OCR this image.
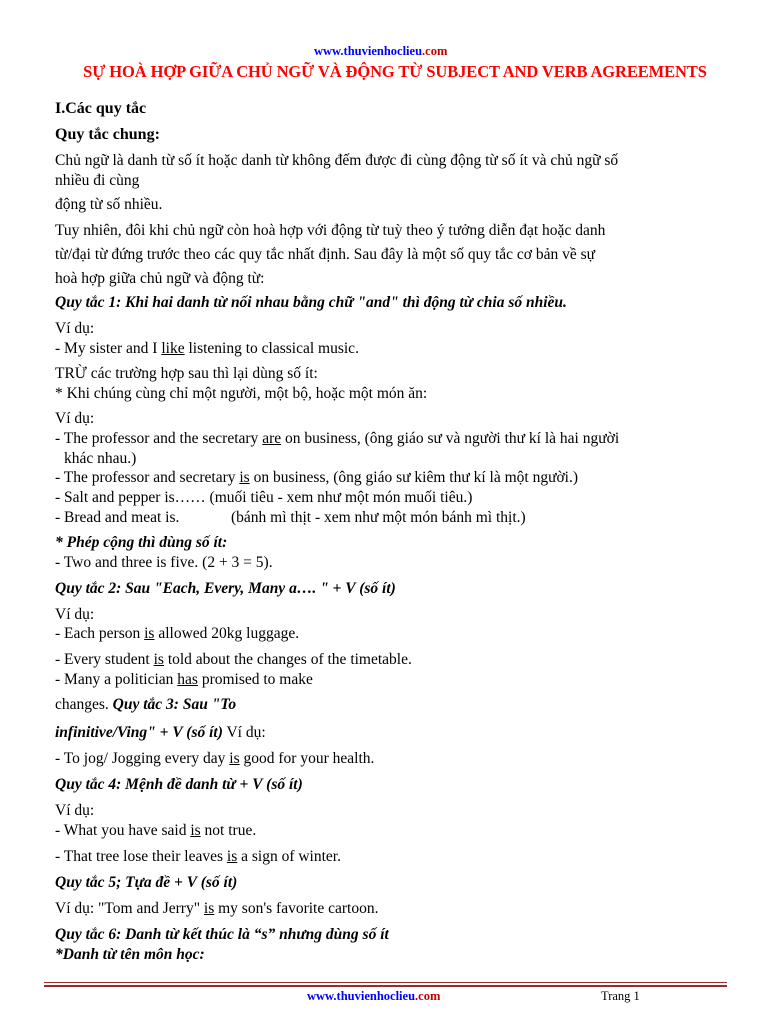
www.thuvienhoclieu.com
SỰ HOÀ HỢP GIỮA CHỦ NGỮ VÀ ĐỘNG TỪ SUBJECT AND VERB AGREEMENTS
I.Các quy tắc
Quy tắc chung:
Chủ ngữ là danh từ số ít hoặc danh từ không đếm được đi cùng động từ số ít và chủ ngữ số
nhiều đi cùng
động từ số nhiều.
Tuy nhiên, đôi khi chủ ngữ còn hoà hợp với động từ tuỳ theo ý tưởng diễn đạt hoặc danh
từ/đại từ đứng trước theo các quy tắc nhất định. Sau đây là một số quy tắc cơ bản về sự
hoà hợp giữa chủ ngữ và động từ:
Quy tắc 1: Khi hai danh từ nối nhau bằng chữ "and" thì động từ chia số nhiều.
Ví dụ:
- My sister and I like listening to classical music.
TRỪ các trường hợp sau thì lại dùng số ít:
* Khi chúng cùng chỉ một người, một bộ, hoặc một món ăn:
Ví dụ:
- The professor and the secretary are on business, (ông giáo sư và người thư kí là hai người
khác nhau.)
- The professor and secretary is on business, (ông giáo sư kiêm thư kí là một người.)
- Salt and pepper is…… (muối tiêu - xem như một món muối tiêu.)
- Bread and meat is.	(bánh mì thịt - xem như một món bánh mì thịt.)
* Phép cộng thì dùng số ít:
- Two and three is five. (2 + 3 = 5).
Quy tắc 2: Sau "Each, Every, Many a…. " + V (số ít)
Ví dụ:
- Each person is allowed 20kg luggage.
- Every student is told about the changes of the timetable.
- Many a politician has promised to make
changes. Quy tắc 3: Sau "To
infinitive/Ving" + V (số ít) Ví dụ:
- To jog/ Jogging every day is good for your health.
Quy tắc 4: Mệnh đề danh từ + V (số ít)
Ví dụ:
- What you have said is not true.
- That tree lose their leaves is a sign of winter.
Quy tắc 5; Tựa đề + V (số ít)
Ví dụ: "Tom and Jerry" is my son's favorite cartoon.
Quy tắc 6: Danh từ kết thúc là “s” nhưng dùng số ít
*Danh từ tên môn học:
www.thuvienhoclieu.com	Trang 1
